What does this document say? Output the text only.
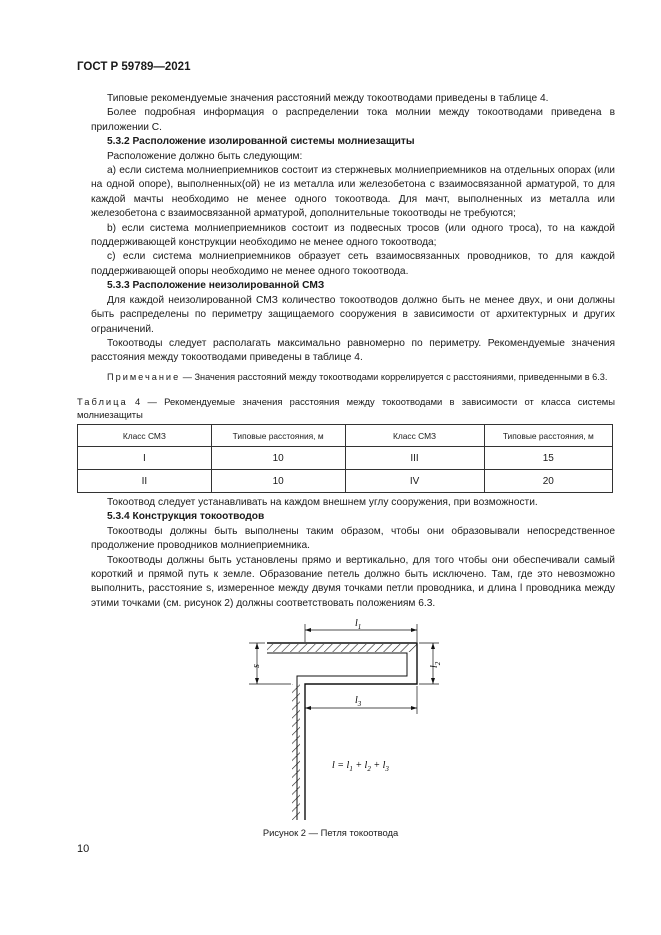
ГОСТ Р 59789—2021

Типовые рекомендуемые значения расстояний между токоотводами приведены в таблице 4.

Более подробная информация о распределении тока молнии между токоотводами приведена в приложении С.

5.3.2 Расположение изолированной системы молниезащиты

Расположение должно быть следующим:

а) если система молниеприемников состоит из стержневых молниеприемников на отдельных опорах (или на одной опоре), выполненных(ой) не из металла или железобетона с взаимосвязанной арматурой, то для каждой мачты необходимо не менее одного токоотвода. Для мачт, выполненных из металла или железобетона с взаимосвязанной арматурой, дополнительные токоотводы не требуются;

b) если система молниеприемников состоит из подвесных тросов (или одного троса), то на каждой поддерживающей конструкции необходимо не менее одного токоотвода;

с) если система молниеприемников образует сеть взаимосвязанных проводников, то для каждой поддерживающей опоры необходимо не менее одного токоотвода.

5.3.3 Расположение неизолированной СМЗ

Для каждой неизолированной СМЗ количество токоотводов должно быть не менее двух, и они должны быть распределены по периметру защищаемого сооружения в зависимости от архитектурных и других ограничений.

Токоотводы следует располагать максимально равномерно по периметру. Рекомендуемые значения расстояния между токоотводами приведены в таблице 4.

Примечание — Значения расстояний между токоотводами коррелируется с расстояниями, приведенными в 6.3.

Таблица 4 — Рекомендуемые значения расстояния между токоотводами в зависимости от класса системы молниезащиты
Класс СМЗ	Типовые расстояния, м	Класс СМЗ	Типовые расстояния, м
I	10	III	15
II	10	IV	20

Токоотвод следует устанавливать на каждом внешнем углу сооружения, при возможности.

5.3.4 Конструкция токоотводов

Токоотводы должны быть выполнены таким образом, чтобы они образовывали непосредственное продолжение проводников молниеприемника.

Токоотводы должны быть установлены прямо и вертикально, для того чтобы они обеспечивали самый короткий и прямой путь к земле. Образование петель должно быть исключено. Там, где это невозможно выполнить, расстояние s, измеренное между двумя точками петли проводника, и длина l проводника между этими точками (см. рисунок 2) должны соответствовать положениям 6.3.

$l_1$
$l_2$
s
$l_3$
$l = l_1 + l_2 + l_3$
Рисунок 2 — Петля токоотвода
10
